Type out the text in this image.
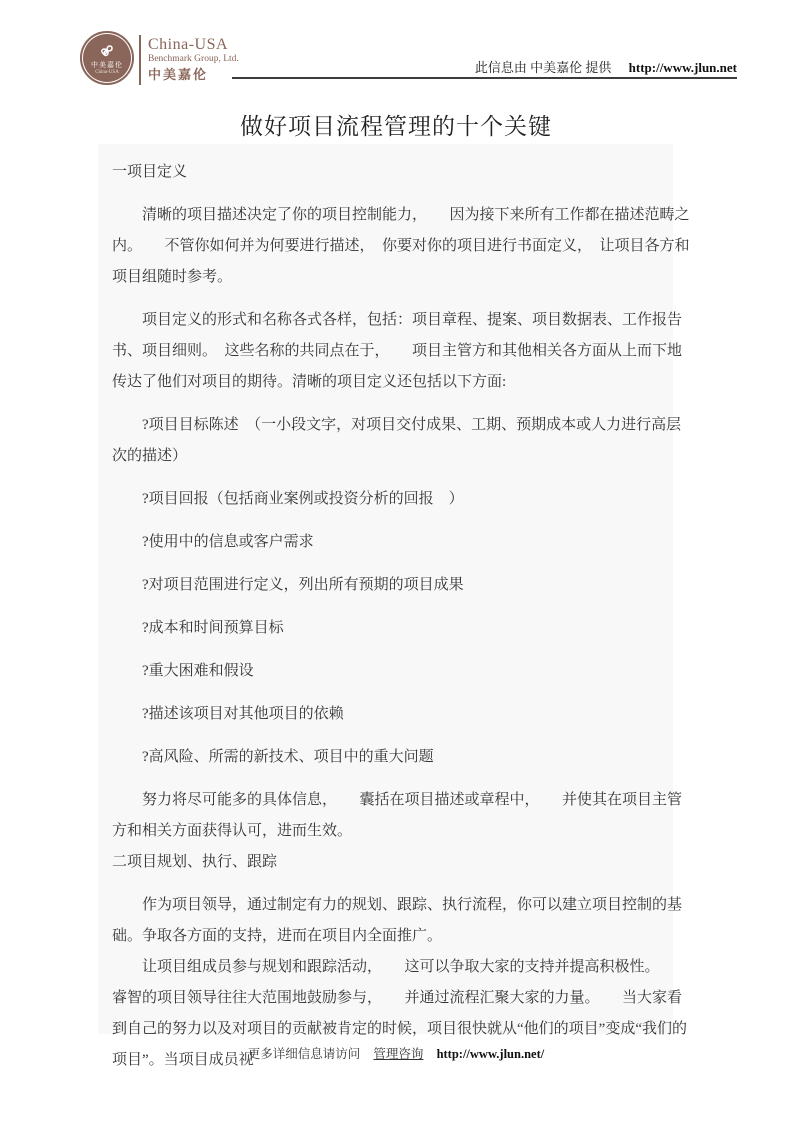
中美嘉伦
China-USA
China-USA
Benchmark Group, Ltd.
中美嘉伦	此信息由 中美嘉伦 提供 http://www.jlun.net
做好项目流程管理的十个关键

一项目定义

清晰的项目描述决定了你的项目控制能力，　　因为接下来所有工作都在描述范畴之内。　　不管你如何并为何要进行描述，　你要对你的项目进行书面定义，　让项目各方和项目组随时参考。

项目定义的形式和名称各式各样，包括：项目章程、提案、项目数据表、工作报告书、项目细则。　这些名称的共同点在于，　　项目主管方和其他相关各方面从上而下地传达了他们对项目的期待。清晰的项目定义还包括以下方面:

?项目目标陈述　（一小段文字，对项目交付成果、工期、预期成本或人力进行高层次的描述）

?项目回报（包括商业案例或投资分析的回报　）

?使用中的信息或客户需求

?对项目范围进行定义，列出所有预期的项目成果

?成本和时间预算目标

?重大困难和假设

?描述该项目对其他项目的依赖

?高风险、所需的新技术、项目中的重大问题

努力将尽可能多的具体信息，　　囊括在项目描述或章程中，　　并使其在项目主管方和相关方面获得认可，进而生效。

二项目规划、执行、跟踪

作为项目领导，通过制定有力的规划、跟踪、执行流程，你可以建立项目控制的基础。争取各方面的支持，进而在项目内全面推广。

让项目组成员参与规划和跟踪活动，　　这可以争取大家的支持并提高积极性。　　睿智的项目领导往往大范围地鼓励参与，　　并通过流程汇聚大家的力量。　　当大家看到自己的努力以及对项目的贡献被肯定的时候，项目很快就从“他们的项目”变成“我们的项目”。当项目成员视

更多详细信息请访问 管理咨询 http://www.jlun.net/
